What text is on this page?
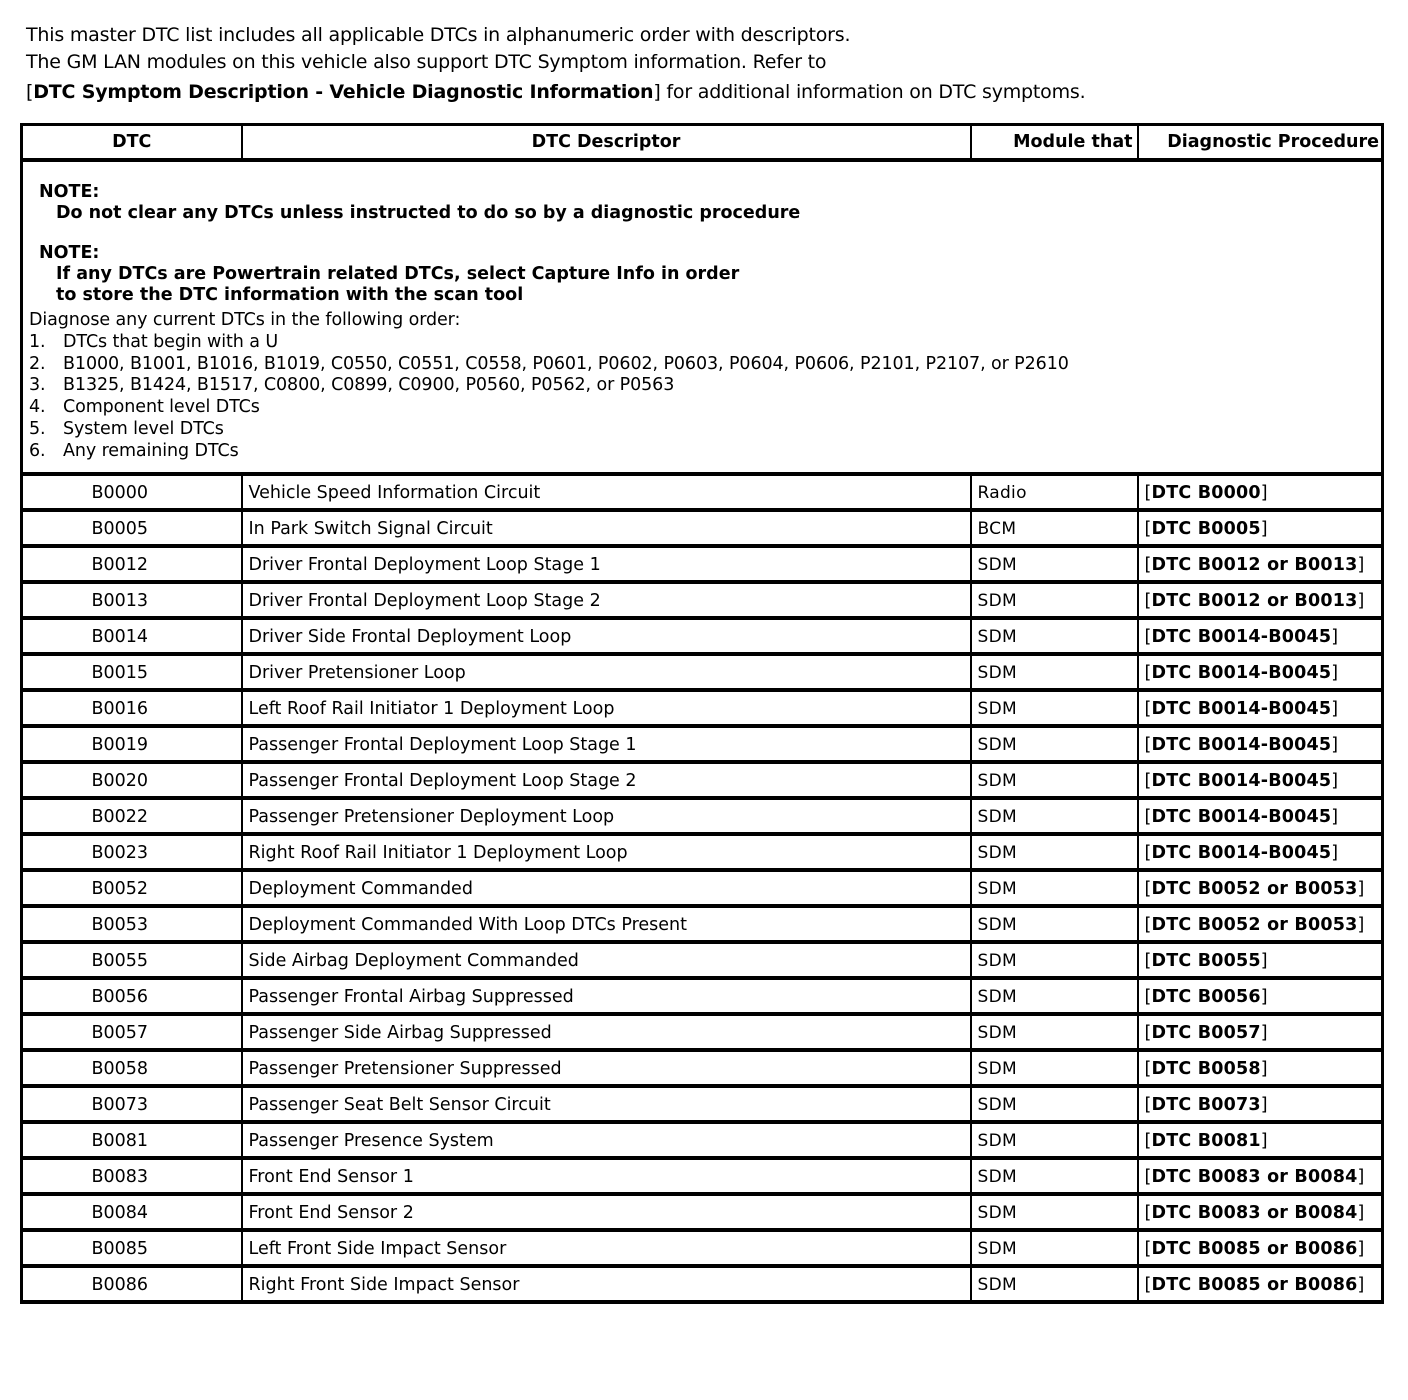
This master DTC list includes all applicable DTCs in alphanumeric order with descriptors.
The GM LAN modules on this vehicle also support DTC Symptom information. Refer to
[DTC Symptom Description - Vehicle Diagnostic Information] for additional information on DTC symptoms.
DTC	DTC Descriptor	Module that	Diagnostic Procedure

NOTE:
Do not clear any DTCs unless instructed to do so by a diagnostic procedure
NOTE:
If any DTCs are Powertrain related DTCs, select Capture Info in order
to store the DTC information with the scan tool
Diagnose any current DTCs in the following order:
1. DTCs that begin with a U
2. B1000, B1001, B1016, B1019, C0550, C0551, C0558, P0601, P0602, P0603, P0604, P0606, P2101, P2107, or P2610
3. B1325, B1424, B1517, C0800, C0899, C0900, P0560, P0562, or P0563
4. Component level DTCs
5. System level DTCs
6. Any remaining DTCs

B0000	Vehicle Speed Information Circuit	Radio	[DTC B0000]
B0005	In Park Switch Signal Circuit	BCM	[DTC B0005]
B0012	Driver Frontal Deployment Loop Stage 1	SDM	[DTC B0012 or B0013]
B0013	Driver Frontal Deployment Loop Stage 2	SDM	[DTC B0012 or B0013]
B0014	Driver Side Frontal Deployment Loop	SDM	[DTC B0014-B0045]
B0015	Driver Pretensioner Loop	SDM	[DTC B0014-B0045]
B0016	Left Roof Rail Initiator 1 Deployment Loop	SDM	[DTC B0014-B0045]
B0019	Passenger Frontal Deployment Loop Stage 1	SDM	[DTC B0014-B0045]
B0020	Passenger Frontal Deployment Loop Stage 2	SDM	[DTC B0014-B0045]
B0022	Passenger Pretensioner Deployment Loop	SDM	[DTC B0014-B0045]
B0023	Right Roof Rail Initiator 1 Deployment Loop	SDM	[DTC B0014-B0045]
B0052	Deployment Commanded	SDM	[DTC B0052 or B0053]
B0053	Deployment Commanded With Loop DTCs Present	SDM	[DTC B0052 or B0053]
B0055	Side Airbag Deployment Commanded	SDM	[DTC B0055]
B0056	Passenger Frontal Airbag Suppressed	SDM	[DTC B0056]
B0057	Passenger Side Airbag Suppressed	SDM	[DTC B0057]
B0058	Passenger Pretensioner Suppressed	SDM	[DTC B0058]
B0073	Passenger Seat Belt Sensor Circuit	SDM	[DTC B0073]
B0081	Passenger Presence System	SDM	[DTC B0081]
B0083	Front End Sensor 1	SDM	[DTC B0083 or B0084]
B0084	Front End Sensor 2	SDM	[DTC B0083 or B0084]
B0085	Left Front Side Impact Sensor	SDM	[DTC B0085 or B0086]
B0086	Right Front Side Impact Sensor	SDM	[DTC B0085 or B0086]
